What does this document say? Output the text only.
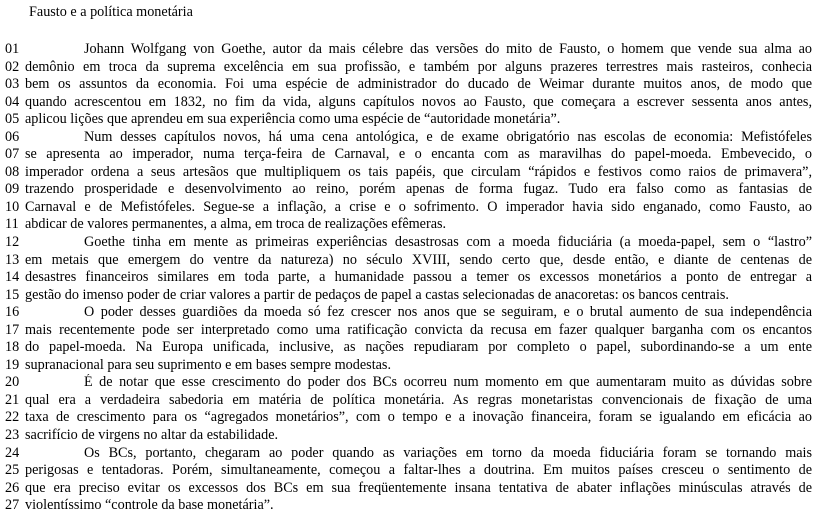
Fausto e a política monetária
01	Johann Wolfgang von Goethe, autor da mais célebre das versões do mito de Fausto, o homem que vende sua alma ao
02 demônio em troca da suprema excelência em sua profissão, e também por alguns prazeres terrestres mais rasteiros, conhecia
03 bem os assuntos da economia. Foi uma espécie de administrador do ducado de Weimar durante muitos anos, de modo que
04 quando acrescentou em 1832, no fim da vida, alguns capítulos novos ao Fausto, que começara a escrever sessenta anos antes,
05 aplicou lições que aprendeu em sua experiência como uma espécie de “autoridade monetária”.
06	Num desses capítulos novos, há uma cena antológica, e de exame obrigatório nas escolas de economia: Mefistófeles
07 se apresenta ao imperador, numa terça-feira de Carnaval, e o encanta com as maravilhas do papel-moeda. Embevecido, o
08 imperador ordena a seus artesãos que multipliquem os tais papéis, que circulam “rápidos e festivos como raios de primavera”,
09 trazendo prosperidade e desenvolvimento ao reino, porém apenas de forma fugaz. Tudo era falso como as fantasias de
10 Carnaval e de Mefistófeles. Segue-se a inflação, a crise e o sofrimento. O imperador havia sido enganado, como Fausto, ao
11 abdicar de valores permanentes, a alma, em troca de realizações efêmeras.
12	Goethe tinha em mente as primeiras experiências desastrosas com a moeda fiduciária (a moeda-papel, sem o “lastro”
13 em metais que emergem do ventre da natureza) no século XVIII, sendo certo que, desde então, e diante de centenas de
14 desastres financeiros similares em toda parte, a humanidade passou a temer os excessos monetários a ponto de entregar a
15 gestão do imenso poder de criar valores a partir de pedaços de papel a castas selecionadas de anacoretas: os bancos centrais.
16	O poder desses guardiões da moeda só fez crescer nos anos que se seguiram, e o brutal aumento de sua independência
17 mais recentemente pode ser interpretado como uma ratificação convicta da recusa em fazer qualquer barganha com os encantos
18 do papel-moeda. Na Europa unificada, inclusive, as nações repudiaram por completo o papel, subordinando-se a um ente
19 supranacional para seu suprimento e em bases sempre modestas.
20	É de notar que esse crescimento do poder dos BCs ocorreu num momento em que aumentaram muito as dúvidas sobre
21 qual era a verdadeira sabedoria em matéria de política monetária. As regras monetaristas convencionais de fixação de uma
22 taxa de crescimento para os “agregados monetários”, com o tempo e a inovação financeira, foram se igualando em eficácia ao
23 sacrifício de virgens no altar da estabilidade.
24	Os BCs, portanto, chegaram ao poder quando as variações em torno da moeda fiduciária foram se tornando mais
25 perigosas e tentadoras. Porém, simultaneamente, começou a faltar-lhes a doutrina. Em muitos países cresceu o sentimento de
26 que era preciso evitar os excessos dos BCs em sua freqüentemente insana tentativa de abater inflações minúsculas através de
27 violentíssimo “controle da base monetária”.
